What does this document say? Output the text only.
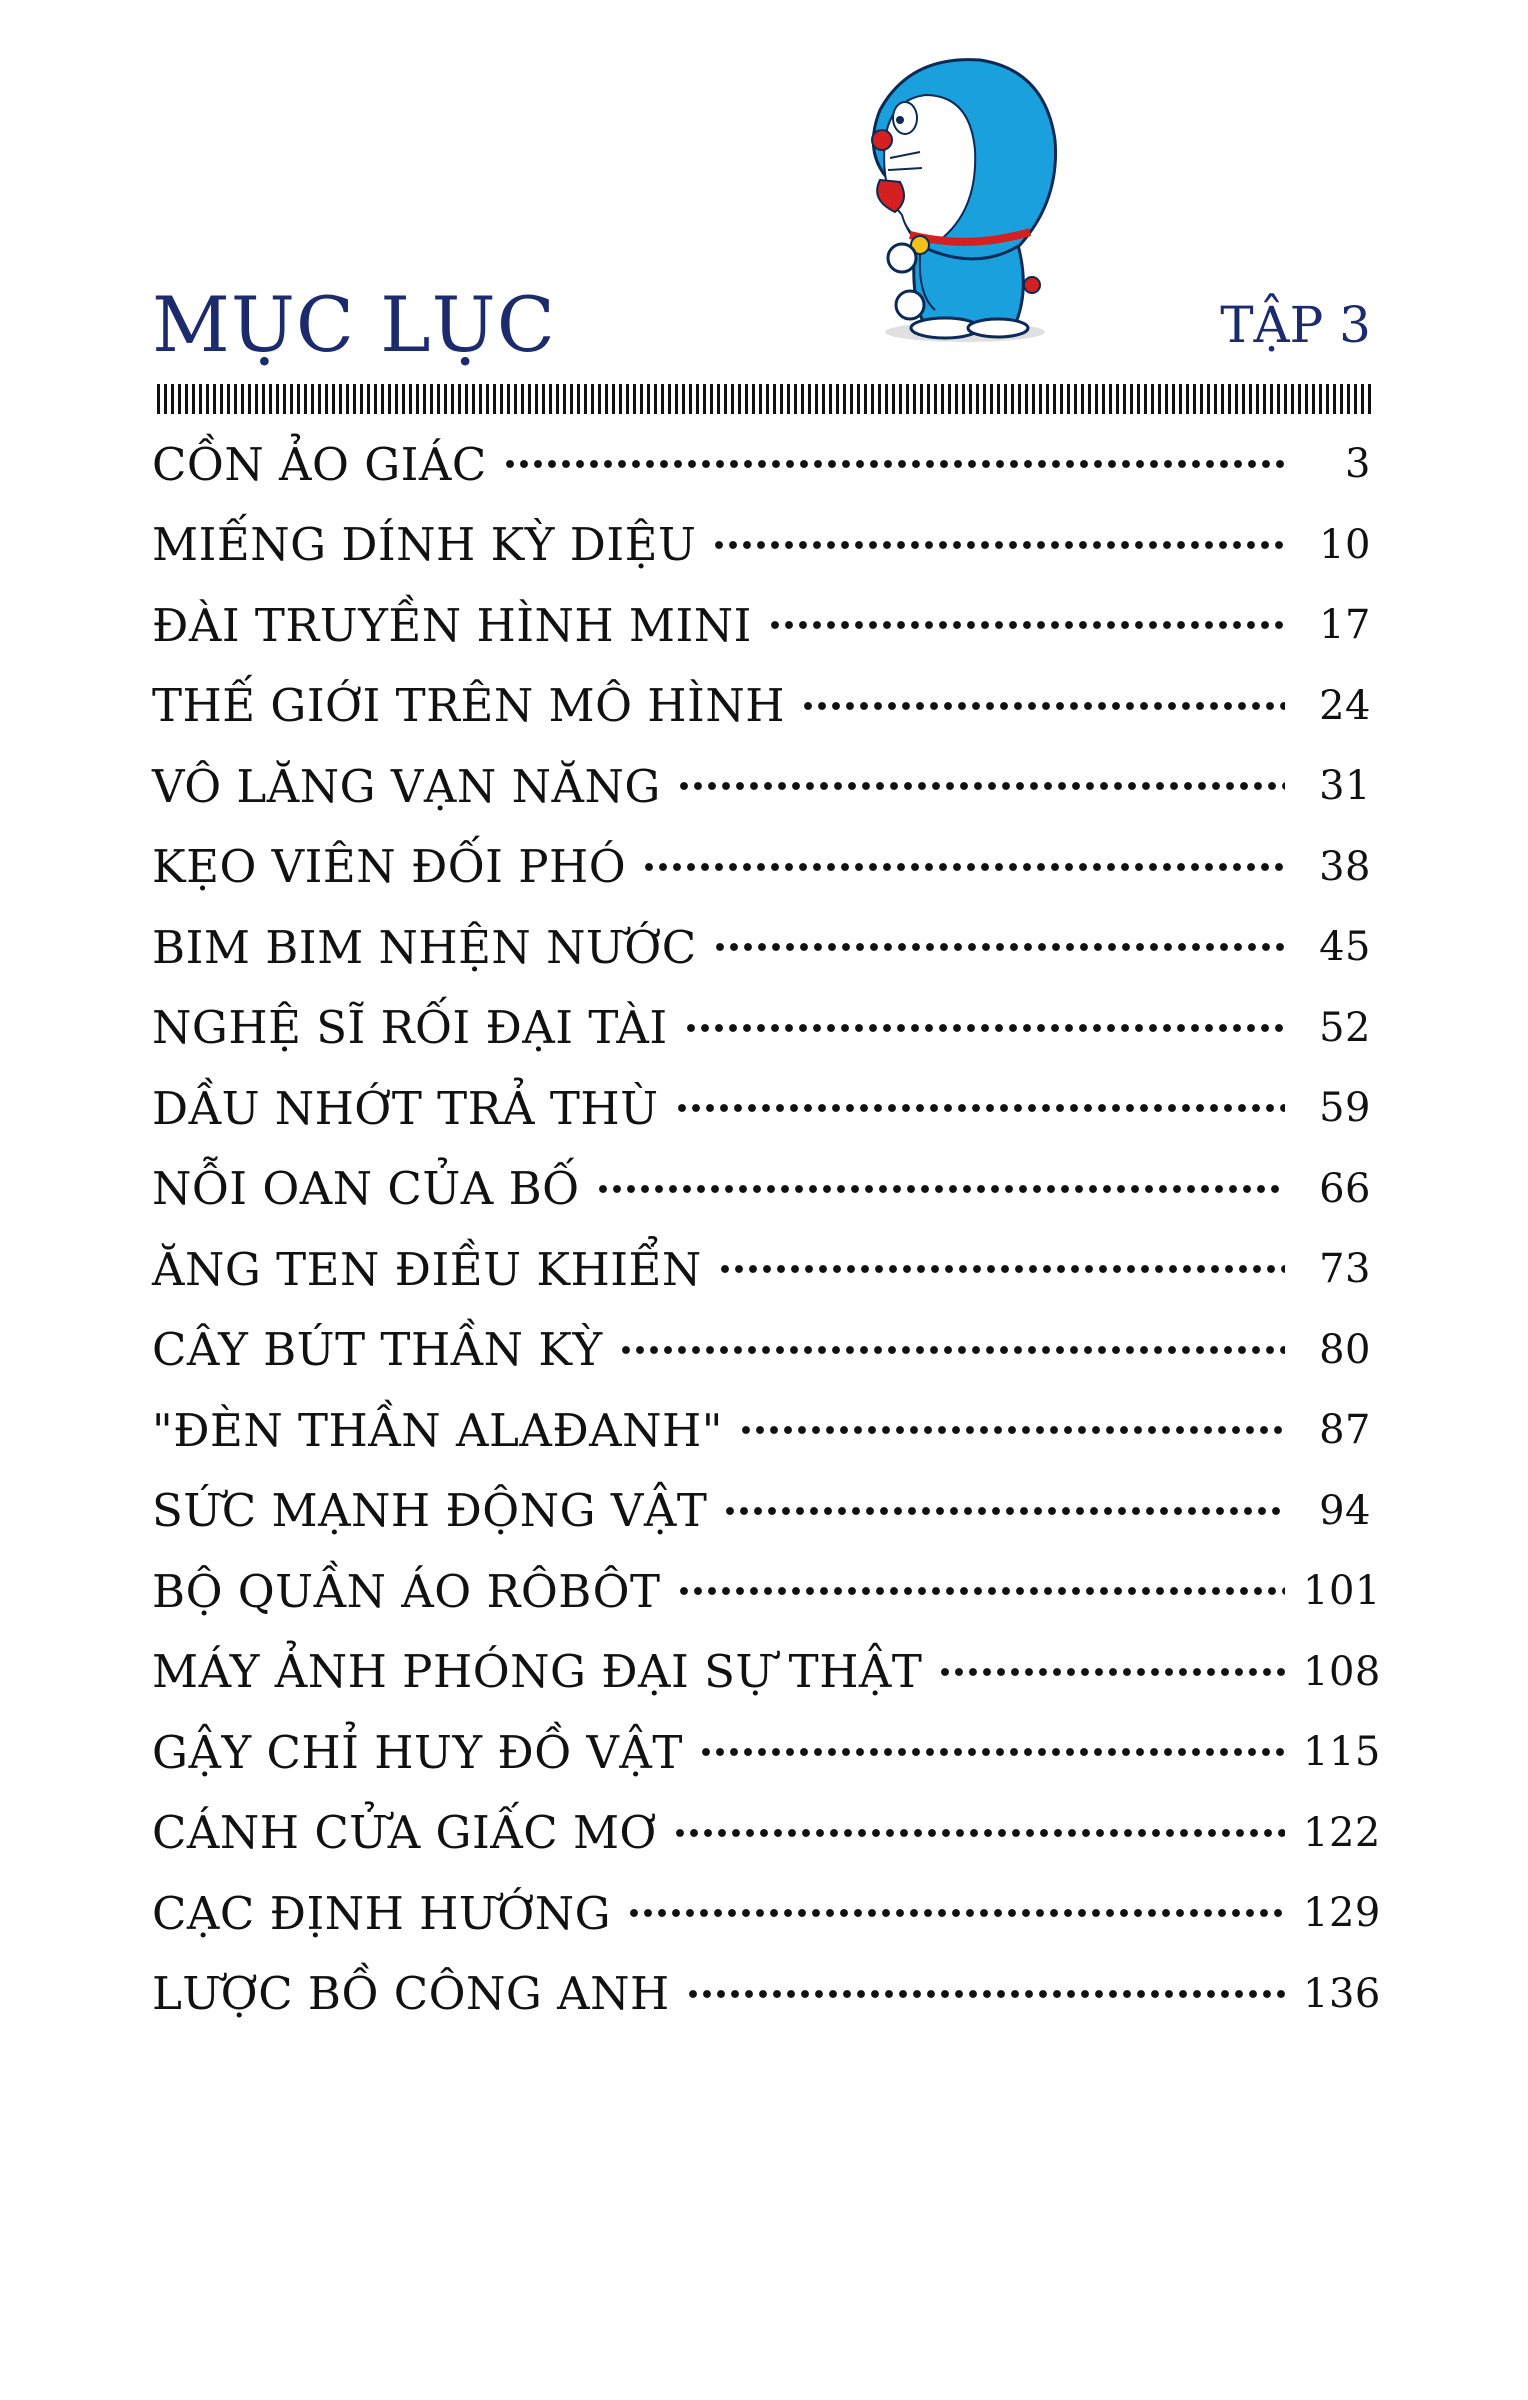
MỤC LỤC	TẬP 3
CỒN ẢO GIÁC	3
MIẾNG DÍNH KỲ DIỆU	10
ĐÀI TRUYỀN HÌNH MINI	17
THẾ GIỚI TRÊN MÔ HÌNH	24
VÔ LĂNG VẠN NĂNG	31
KẸO VIÊN ĐỐI PHÓ	38
BIM BIM NHỆN NƯỚC	45
NGHỆ SĨ RỐI ĐẠI TÀI	52
DẦU NHỚT TRẢ THÙ	59
NỖI OAN CỦA BỐ	66
ĂNG TEN ĐIỀU KHIỂN	73
CÂY BÚT THẦN KỲ	80
"ĐÈN THẦN ALAĐANH"	87
SỨC MẠNH ĐỘNG VẬT	94
BỘ QUẦN ÁO RÔBÔT	101
MÁY ẢNH PHÓNG ĐẠI SỰ THẬT	108
GẬY CHỈ HUY ĐỒ VẬT	115
CÁNH CỬA GIẤC MƠ	122
CẠC ĐỊNH HƯỚNG	129
LƯỢC BỒ CÔNG ANH	136
